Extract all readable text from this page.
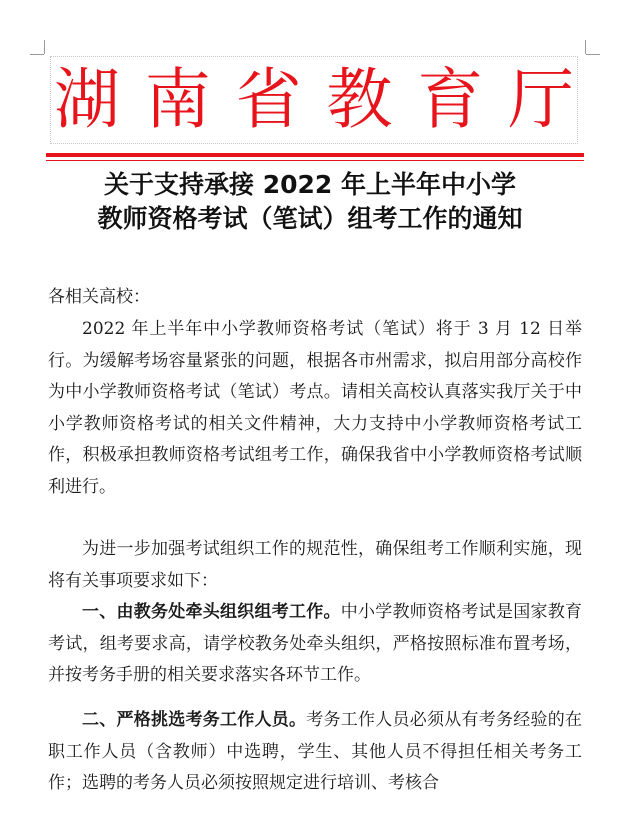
湖 南 省 教 育 厅
关于支持承接 2022 年上半年中小学
教师资格考试（笔试）组考工作的通知
各相关高校：
2022 年上半年中小学教师资格考试（笔试）将于 3 月 12 日举行。为缓解考场容量紧张的问题，根据各市州需求，拟启用部分高校作为中小学教师资格考试（笔试）考点。请相关高校认真落实我厅关于中小学教师资格考试的相关文件精神，大力支持中小学教师资格考试工作，积极承担教师资格考试组考工作，确保我省中小学教师资格考试顺利进行。
为进一步加强考试组织工作的规范性，确保组考工作顺利实施，现将有关事项要求如下：
一、由教务处牵头组织组考工作。中小学教师资格考试是国家教育考试，组考要求高，请学校教务处牵头组织，严格按照标准布置考场，并按考务手册的相关要求落实各环节工作。
二、严格挑选考务工作人员。考务工作人员必须从有考务经验的在职工作人员（含教师）中选聘，学生、其他人员不得担任相关考务工作；选聘的考务人员必须按照规定进行培训、考核合
